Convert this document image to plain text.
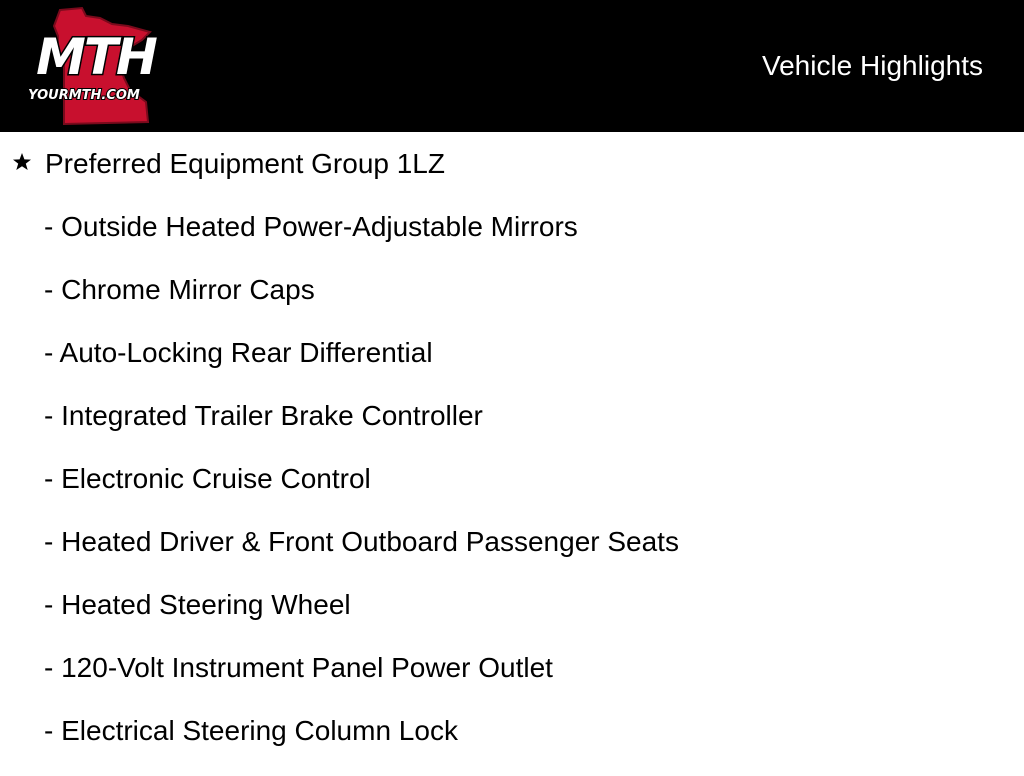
MTH
YOURMTH.COM
Vehicle Highlights
Preferred Equipment Group 1LZ
- Outside Heated Power-Adjustable Mirrors
- Chrome Mirror Caps
- Auto-Locking Rear Differential
- Integrated Trailer Brake Controller
- Electronic Cruise Control
- Heated Driver & Front Outboard Passenger Seats
- Heated Steering Wheel
- 120-Volt Instrument Panel Power Outlet
- Electrical Steering Column Lock
